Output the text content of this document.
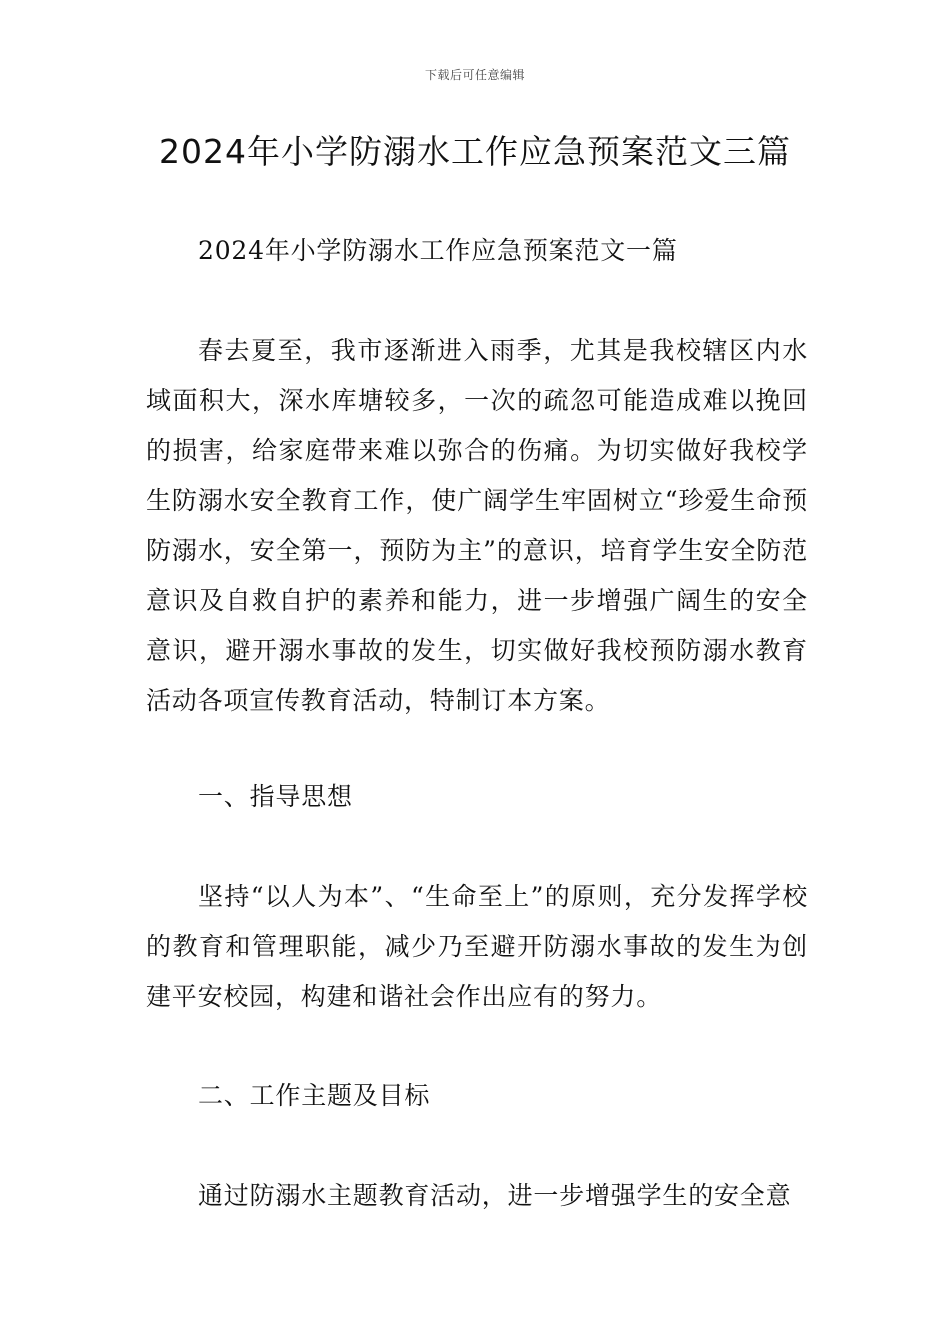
下载后可任意编辑
2024年小学防溺水工作应急预案范文三篇

2024年小学防溺水工作应急预案范文一篇

春去夏至，我市逐渐进入雨季，尤其是我校辖区内水域面积大，深水库塘较多，一次的疏忽可能造成难以挽回的损害，给家庭带来难以弥合的伤痛。为切实做好我校学生防溺水安全教育工作，使广阔学生牢固树立“珍爱生命预防溺水，安全第一，预防为主”的意识，培育学生安全防范意识及自救自护的素养和能力，进一步增强广阔生的安全意识，避开溺水事故的发生，切实做好我校预防溺水教育活动各项宣传教育活动，特制订本方案。

一、指导思想

坚持“以人为本”、“生命至上”的原则，充分发挥学校的教育和管理职能，减少乃至避开防溺水事故的发生为创建平安校园，构建和谐社会作出应有的努力。

二、工作主题及目标

通过防溺水主题教育活动，进一步增强学生的安全意
